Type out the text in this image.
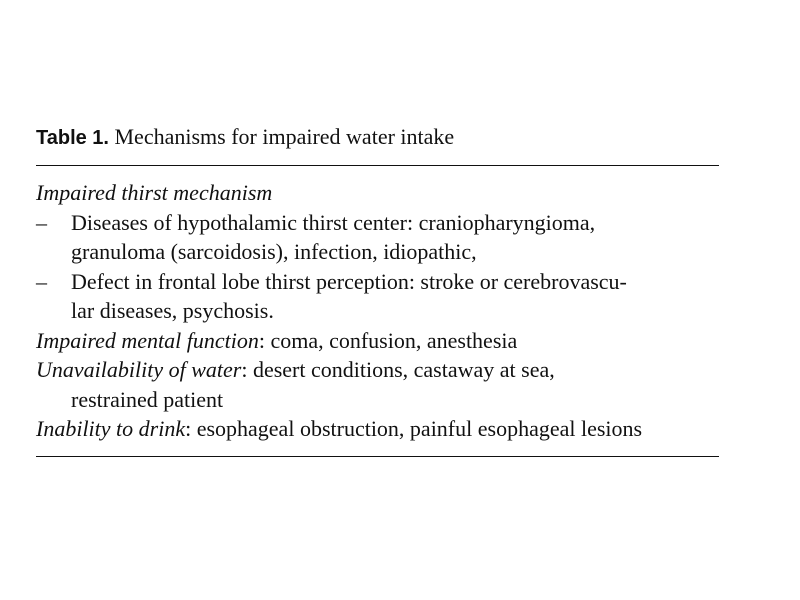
Table 1. Mechanisms for impaired water intake
Impaired thirst mechanism
– Diseases of hypothalamic thirst center: craniopharyngioma,
granuloma (sarcoidosis), infection, idiopathic,
– Defect in frontal lobe thirst perception: stroke or cerebrovascu-
lar diseases, psychosis.
Impaired mental function: coma, confusion, anesthesia
Unavailability of water: desert conditions, castaway at sea,
restrained patient
Inability to drink: esophageal obstruction, painful esophageal lesions
